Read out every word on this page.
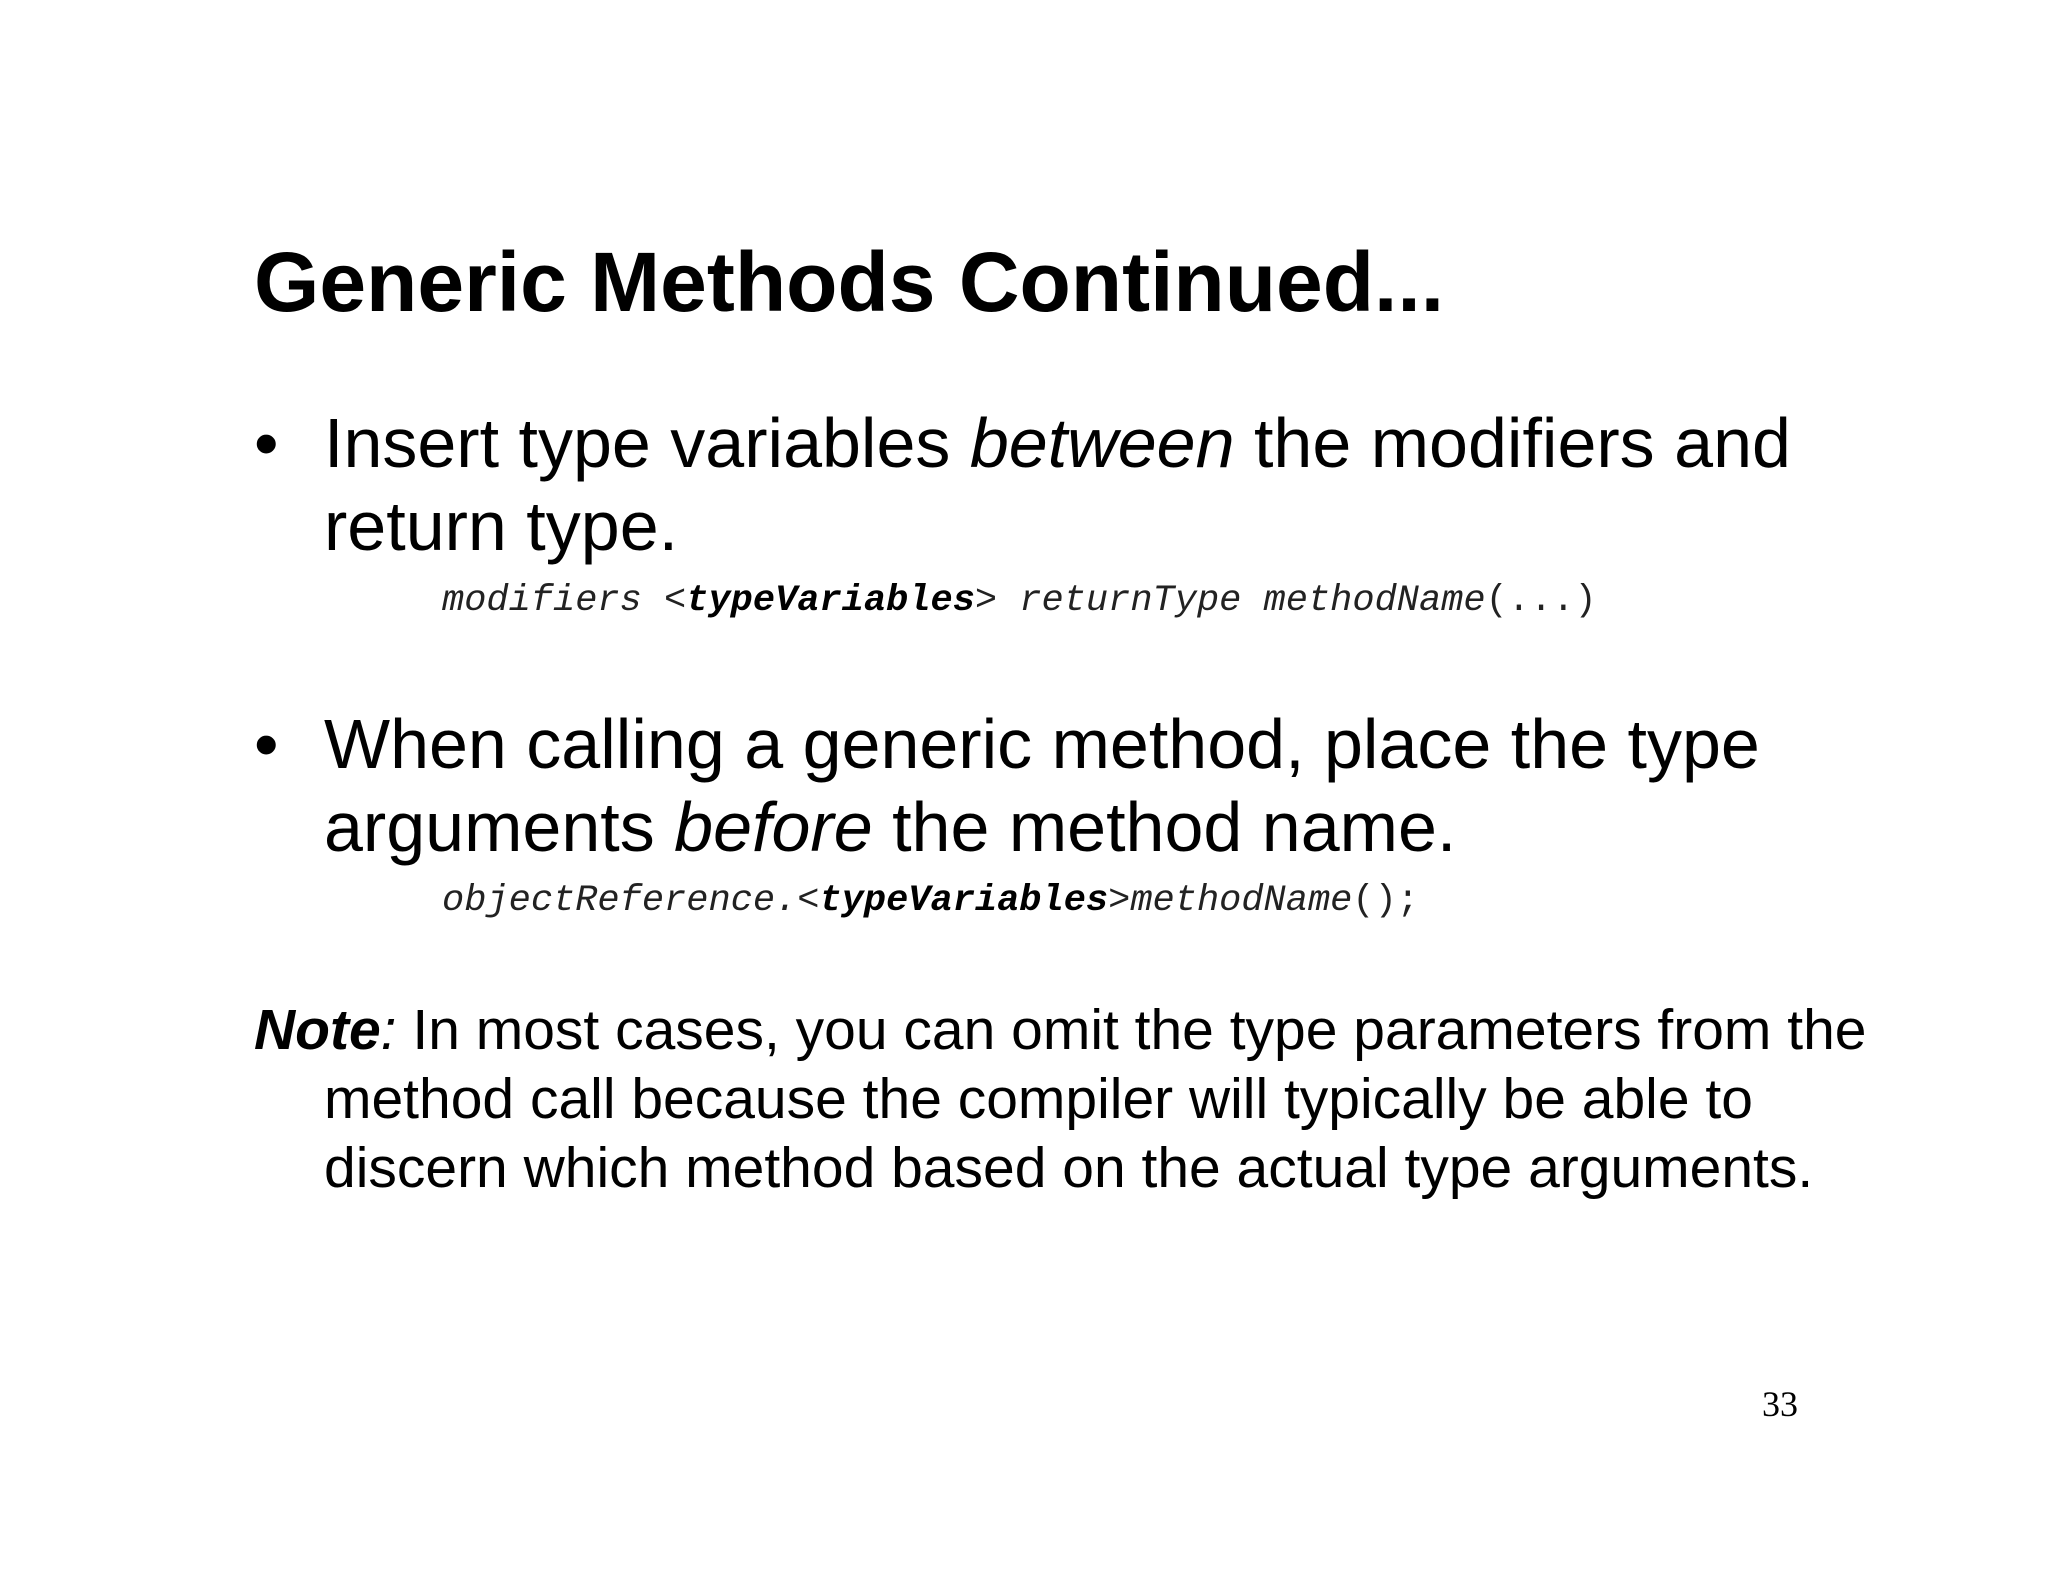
Generic Methods Continued...
• Insert type variables between the modifiers and return type.

modifiers <typeVariables> returnType methodName(...)
• When calling a generic method, place the type arguments before the method name.

objectReference.<typeVariables>methodName();

Note: In most cases, you can omit the type parameters from the method call because the compiler will typically be able to discern which method based on the actual type arguments.

33
